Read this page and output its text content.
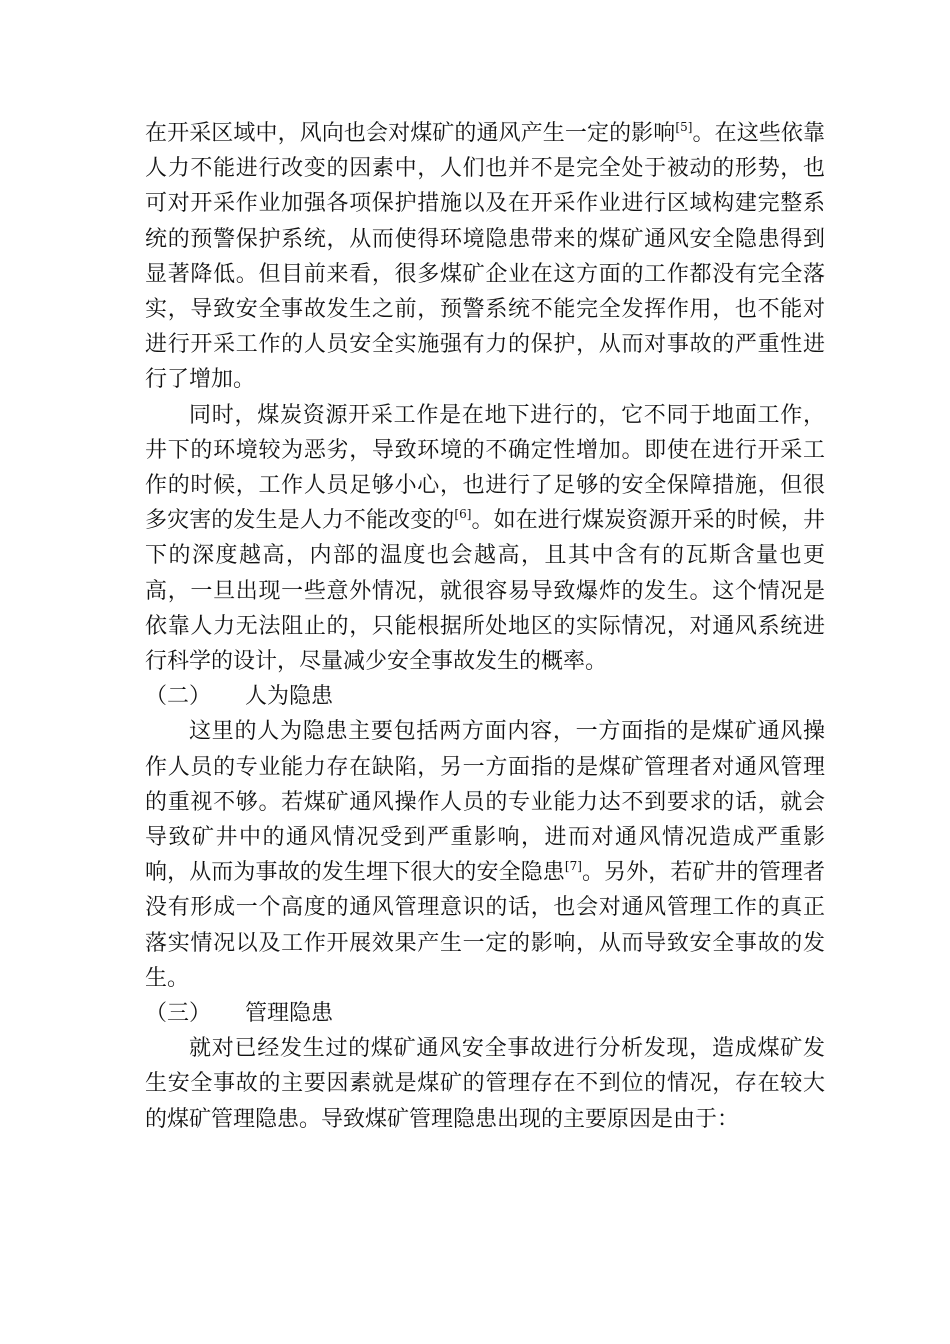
在开采区域中，风向也会对煤矿的通风产生一定的影响[5]。在这些依靠人力不能进行改变的因素中，人们也并不是完全处于被动的形势，也可对开采作业加强各项保护措施以及在开采作业进行区域构建完整系统的预警保护系统，从而使得环境隐患带来的煤矿通风安全隐患得到显著降低。但目前来看，很多煤矿企业在这方面的工作都没有完全落实，导致安全事故发生之前，预警系统不能完全发挥作用，也不能对进行开采工作的人员安全实施强有力的保护，从而对事故的严重性进行了增加。

同时，煤炭资源开采工作是在地下进行的，它不同于地面工作，井下的环境较为恶劣，导致环境的不确定性增加。即使在进行开采工作的时候，工作人员足够小心，也进行了足够的安全保障措施，但很多灾害的发生是人力不能改变的[6]。如在进行煤炭资源开采的时候，井下的深度越高，内部的温度也会越高，且其中含有的瓦斯含量也更高，一旦出现一些意外情况，就很容易导致爆炸的发生。这个情况是依靠人力无法阻止的，只能根据所处地区的实际情况，对通风系统进行科学的设计，尽量减少安全事故发生的概率。

（二） 人为隐患

这里的人为隐患主要包括两方面内容，一方面指的是煤矿通风操作人员的专业能力存在缺陷，另一方面指的是煤矿管理者对通风管理的重视不够。若煤矿通风操作人员的专业能力达不到要求的话，就会导致矿井中的通风情况受到严重影响，进而对通风情况造成严重影响，从而为事故的发生埋下很大的安全隐患[7]。另外，若矿井的管理者没有形成一个高度的通风管理意识的话，也会对通风管理工作的真正落实情况以及工作开展效果产生一定的影响，从而导致安全事故的发生。

（三） 管理隐患

就对已经发生过的煤矿通风安全事故进行分析发现，造成煤矿发生安全事故的主要因素就是煤矿的管理存在不到位的情况，存在较大的煤矿管理隐患。导致煤矿管理隐患出现的主要原因是由于：
